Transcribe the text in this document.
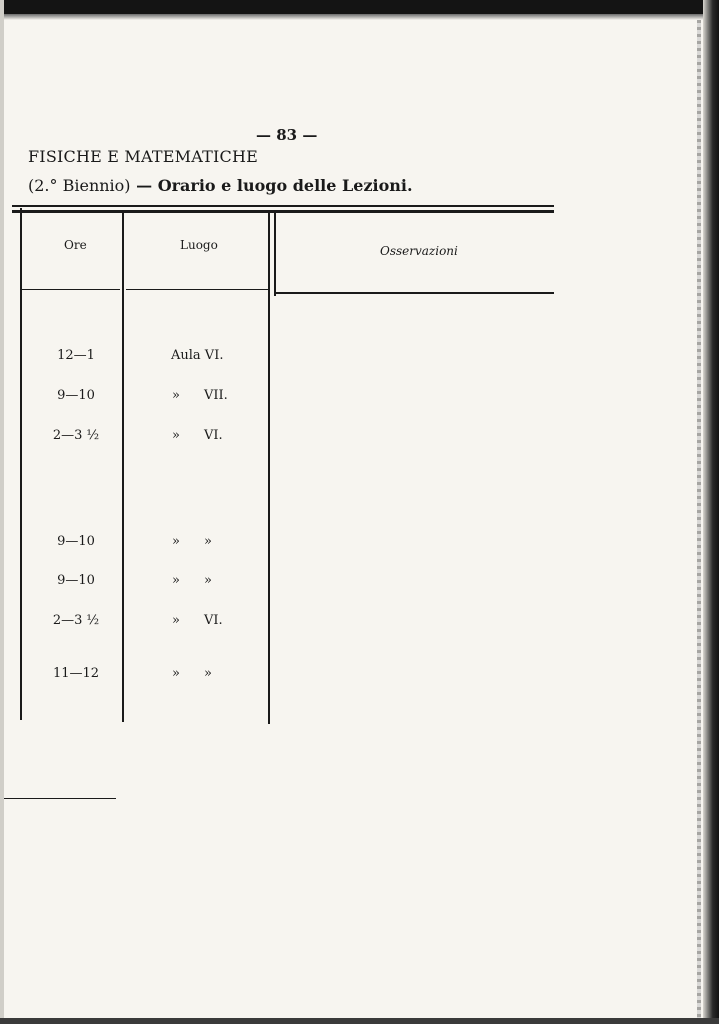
— 83 —
FISICHE E MATEMATICHE
(2.° Biennio) — Orario e luogo delle Lezioni.
Ore	Luogo	Osservazioni
12—1	Aula VI.
9—10	» VII.
2—3 ½	» VI.
9—10	» »
9—10	» »
2—3 ½	» VI.
11—12	» »
